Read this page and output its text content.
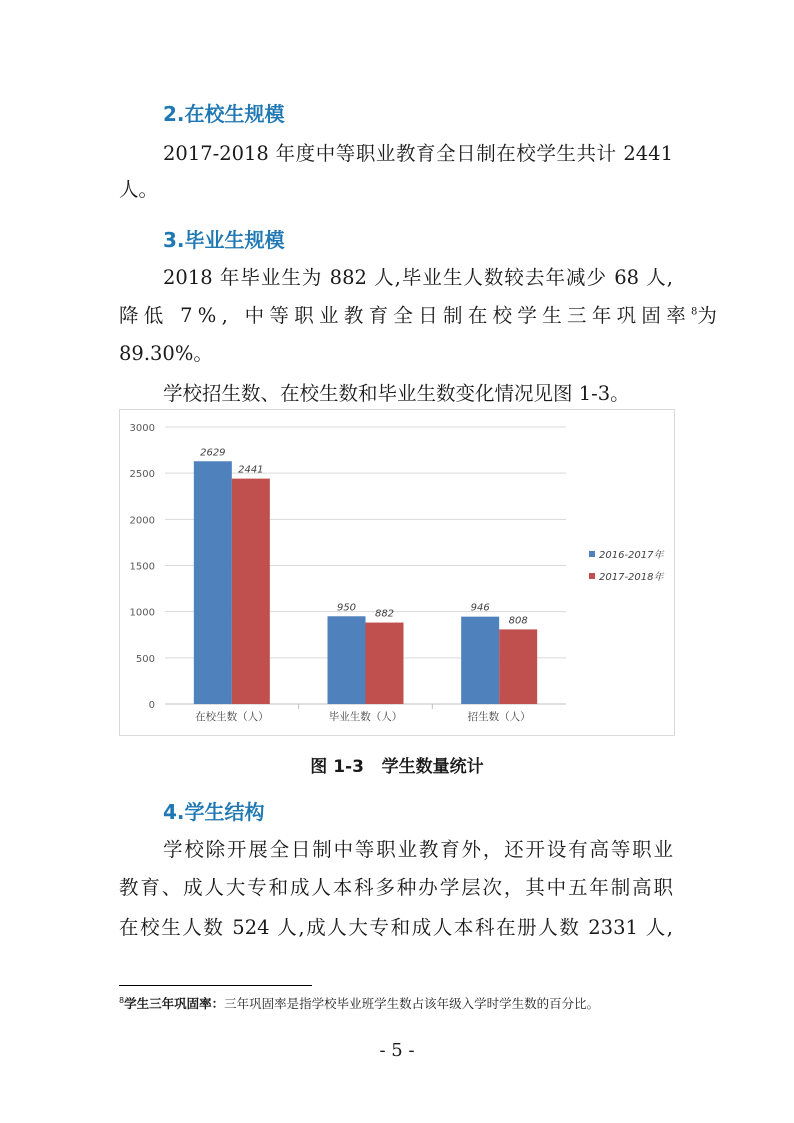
2.在校生规模
2017-2018 年度中等职业教育全日制在校学生共计 2441
人。
3.毕业生规模
2018 年毕业生为 882 人,毕业生人数较去年减少 68 人,
降低 7%, 中等职业教育全日制在校学生三年巩固率 $^8$为
89.30%。
学校招生数、在校生数和毕业生数变化情况见图 1-3。
0
500
1000
1500
2000
2500
3000
2629
2441
在校生数（人）
950
882
毕业生数（人）
946
808
招生数（人）
2016-2017年
2017-2018年
图 1-3   学生数量统计
4.学生结构
学校除开展全日制中等职业教育外，还开设有高等职业
教育、成人大专和成人本科多种办学层次，其中五年制高职
在校生人数 524 人,成人大专和成人本科在册人数 2331 人,
$^8$学生三年巩固率：三年巩固率是指学校毕业班学生数占该年级入学时学生数的百分比。
- 5 -
